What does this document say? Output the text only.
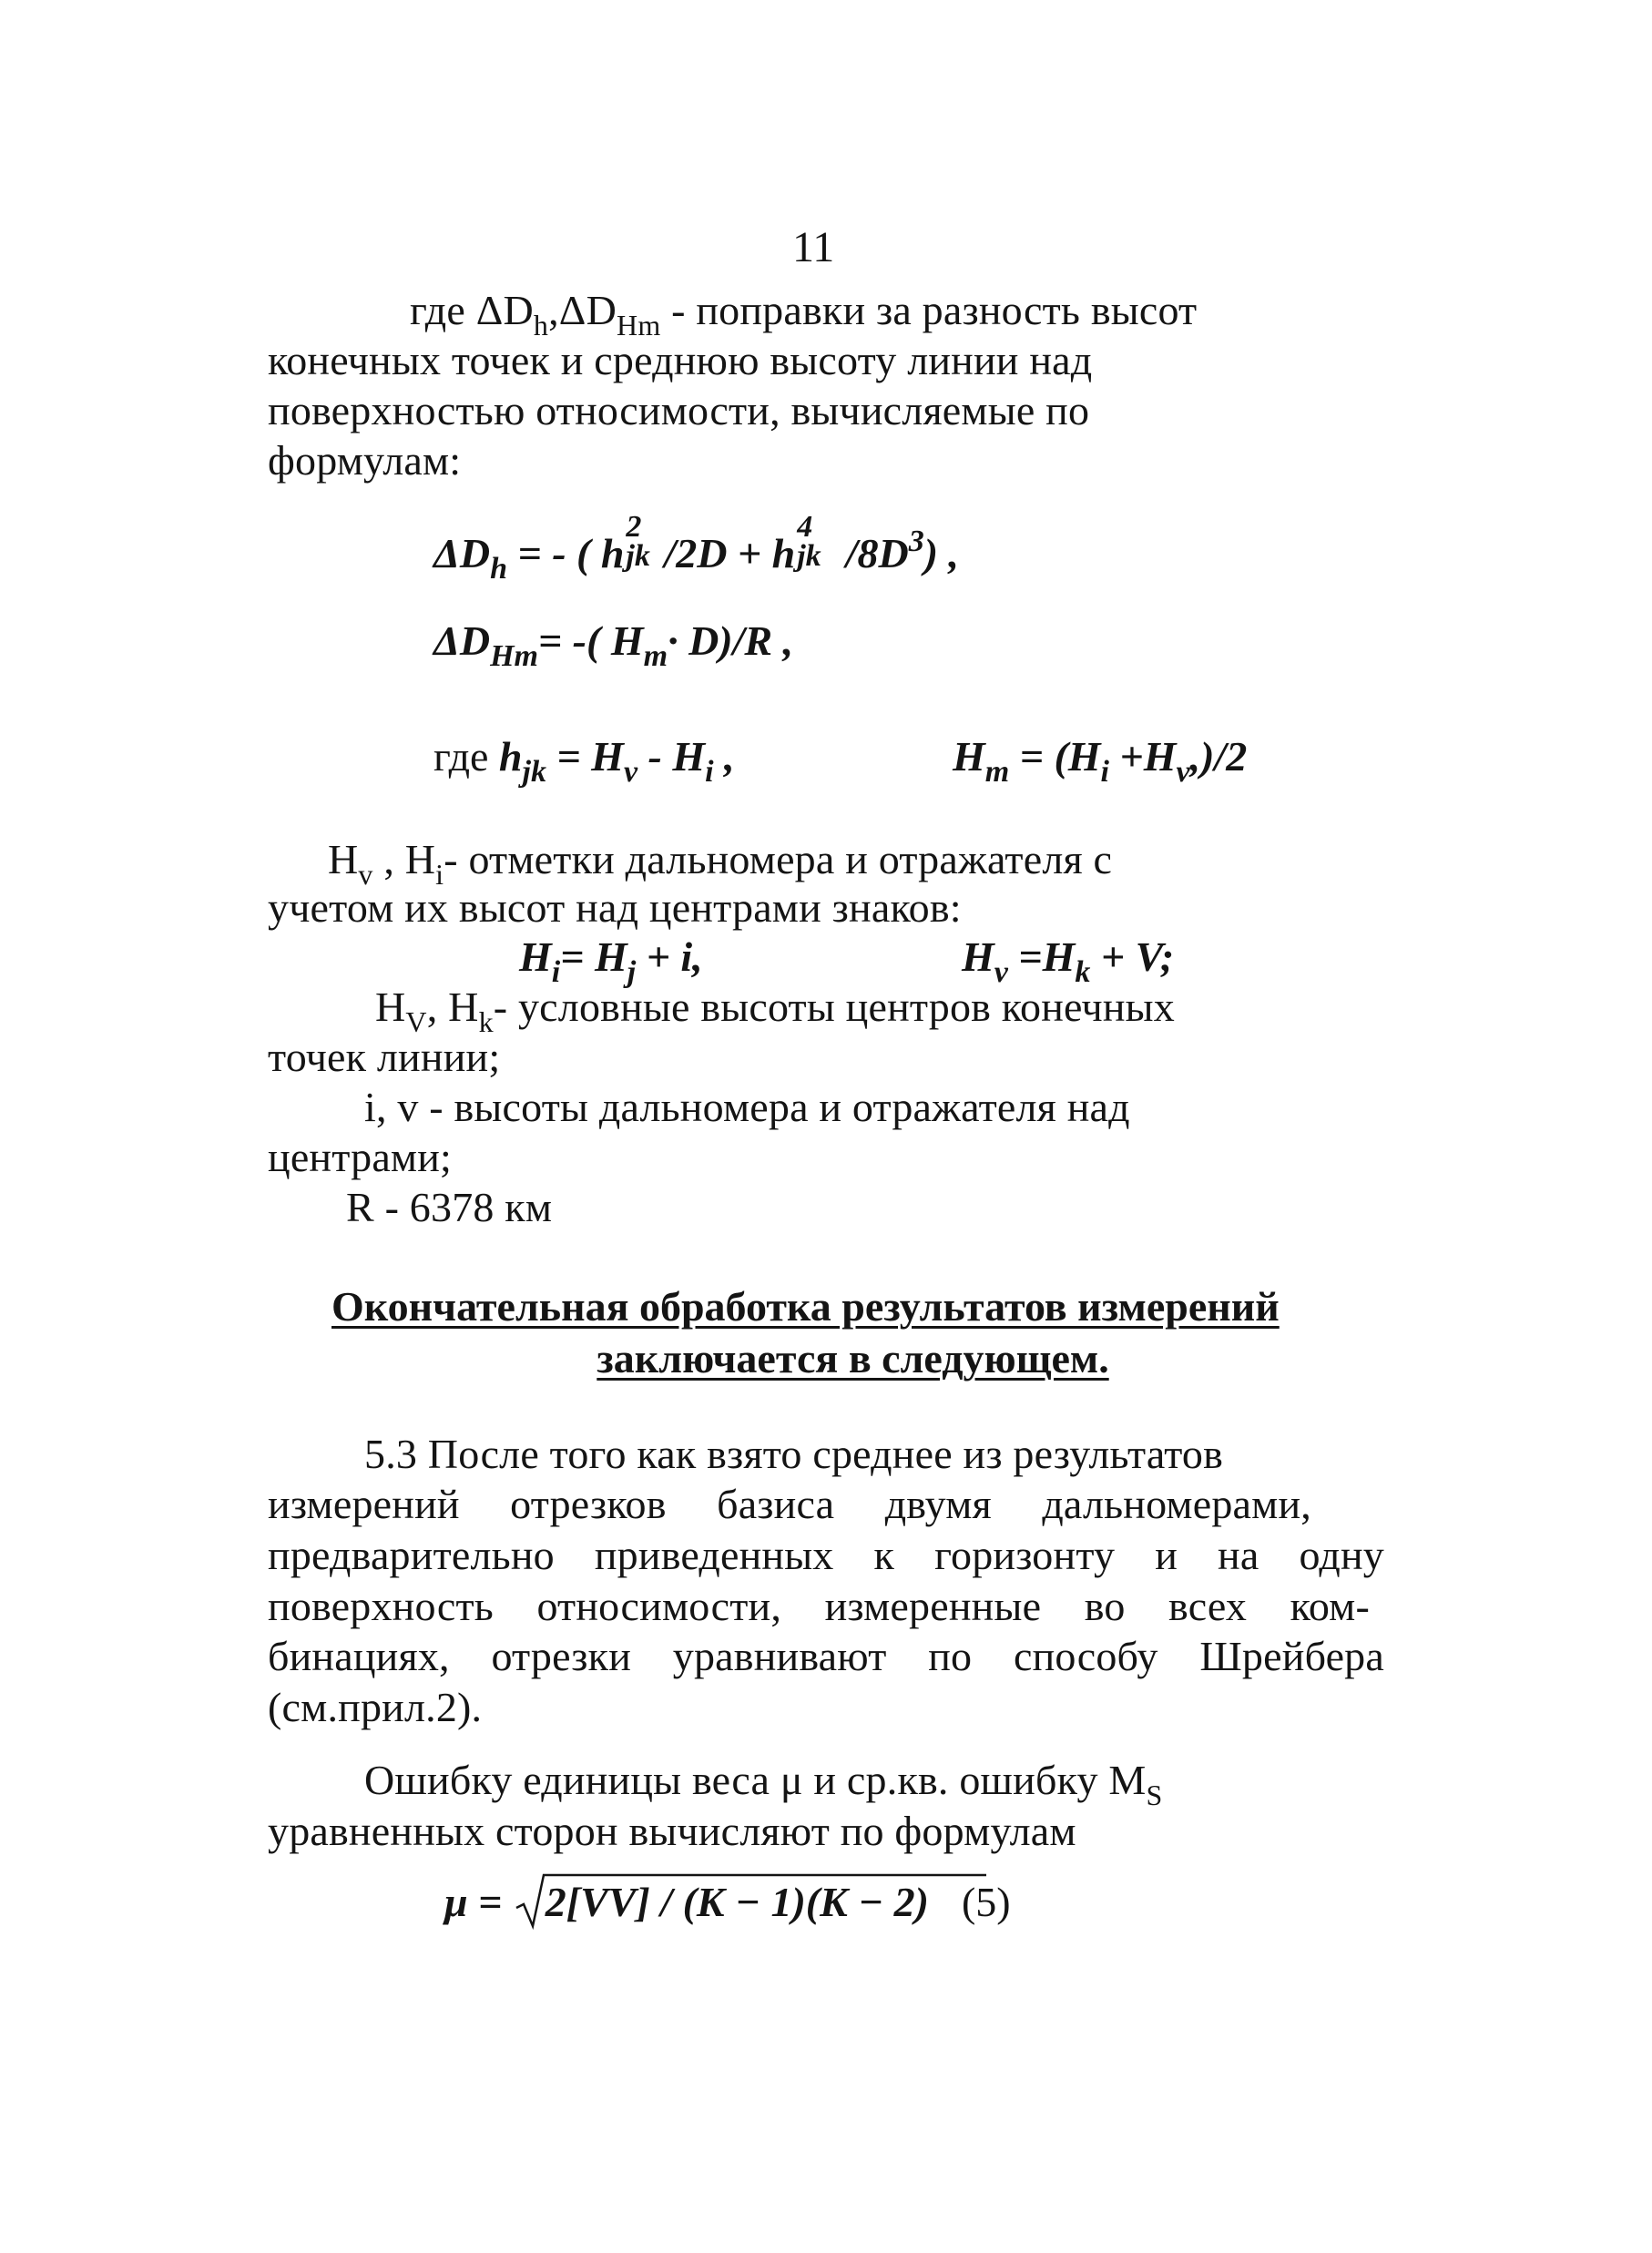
11
где $\Delta D_h,\Delta D_{Hm}$ - поправки за разность высот
конечных точек и среднюю высоту линии над
поверхностью относимости, вычисляемые по
формулам:
$\Delta D_h$ = - ( h
2
jk /2D + h
4
jk $/8D^3$) ,
$\Delta D_{Hm}=$ -( $H_m\cdot D)/R$ ,
где $h_{jk} = H_v - H_i$ ,	$H_m = (H_i +H_v,)/2$
$H_v$ , $H_i-$ отметки дальномера и отражателя с
учетом их высот над центрами знаков:
$H_i= H_j + i$,	$H_v =H_k + V$;
$H_V$, $H_k-$ условные высоты центров конечных
точек линии;
i, v - высоты дальномера и отражателя над
центрами;
R - 6378 км
Окончательная обработка результатов измерений
заключается в следующем.
5.3 После того как взято среднее из результатов
измерений отрезков базиса двумя дальномерами,
предварительно приведенных к горизонту и на одну
поверхность относимости, измеренные во всех ком-
бинациях, отрезки уравнивают по способу Шрейбера
(см.прил.2).
Ошибку единицы веса μ и ср.кв. ошибку $M_S$
уравненных сторон вычисляют по формулам
μ =
2[VV] / (K − 1)(K − 2) (5)
